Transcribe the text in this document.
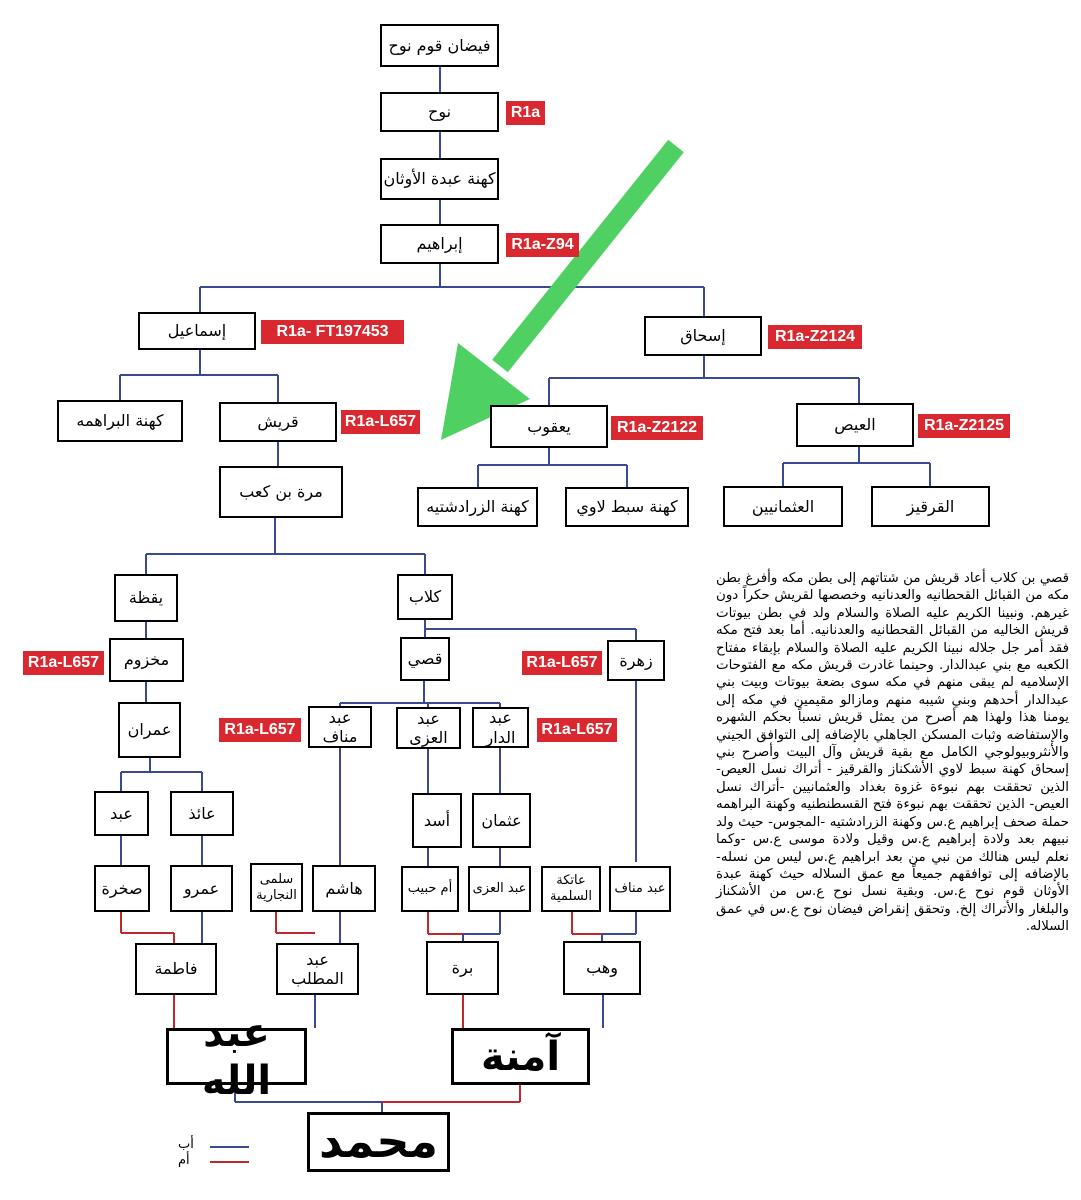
فيضان قوم نوح
نوح	R1a
كهنة عبدة الأوثان
إبراهيم	R1a-Z94
إسماعيل	R1a- FT197453	إسحاق	R1a-Z2124
كهنة البراهمه	قريش	R1a-L657	يعقوب	R1a-Z2122	العيص	R1a-Z2125
مرة بن كعب
كهنة الزرادشتيه	كهنة سبط لاوي	العثمانيين	القرقيز
يقظة	كلاب
مخزوم
R1a-L657	قصي	زهرة
R1a-L657
عمران
عبد مناف
R1a-L657
عبد العزى
عبد الدار	R1a-L657
عبد	عائذ	أسد	عثمان
صخرة	عمرو	سلمى النجارية	هاشم	أم حبيب	عبد العزى
عاتكة السلمية
عبد مناف
فاطمة
عبد المطلب
برة	وهب
عبد الله
آمنة
محمد
أب
أم
قصي بن كلاب أعاد قريش من شتاتهم إلى بطن مكه وأفرغ بطن مكه من القبائل القحطانيه والعدنانيه وخصصها لقريش حكراً دون غيرهم. ونبينا الكريم عليه الصلاة والسلام ولد في بطن بيوتات قريش الخاليه من القبائل القحطانيه والعدنانيه. أما بعد فتح مكه فقد أمر جل جلاله نبينا الكريم عليه الصلاة والسلام بإبقاء مفتاح الكعبه مع بني عبدالدار. وحينما غادرت قريش مكه مع الفتوحات الإسلاميه لم يبقى منهم في مكه سوى بضعة بيوتات وبيت بني عبدالدار أحدهم وبني شيبه منهم ومازالو مقيمين في مكه إلى يومنا هذا ولهذا هم أصرح من يمثل قريش نسباً بحكم الشهره والإستفاضه وثبات المسكن الجاهلي بالإضافه إلى التوافق الجيني والأنثروبيولوجي الكامل مع بقية قريش وآل البيت وأصرح بني إسحاق كهنة سبط لاوي الأشكناز والقرقيز - أتراك نسل العيص- الذين تحققت بهم نبوءة غزوة بغداد والعثمانيين -أتراك نسل العيص- الذين تحققت بهم نبوءة فتح القسطنطنيه وكهنة البراهمه حملة صحف إبراهيم ع.س وكهنة الزرادشتيه -المجوس- حيث ولد نبيهم بعد ولادة إبراهيم ع.س وقيل ولادة موسى ع.س -وكما نعلم ليس هنالك من نبي من بعد ابراهيم ع.س ليس من نسله- بالإضافه إلى توافقهم جميعاً مع عمق السلاله حيث كهنة عبدة الأوثان قوم نوح ع.س. وبقية نسل نوح ع.س من الأشكناز والبلغار والأتراك إلخ. وتحقق إنقراض فيضان نوح ع.س في عمق السلاله.
